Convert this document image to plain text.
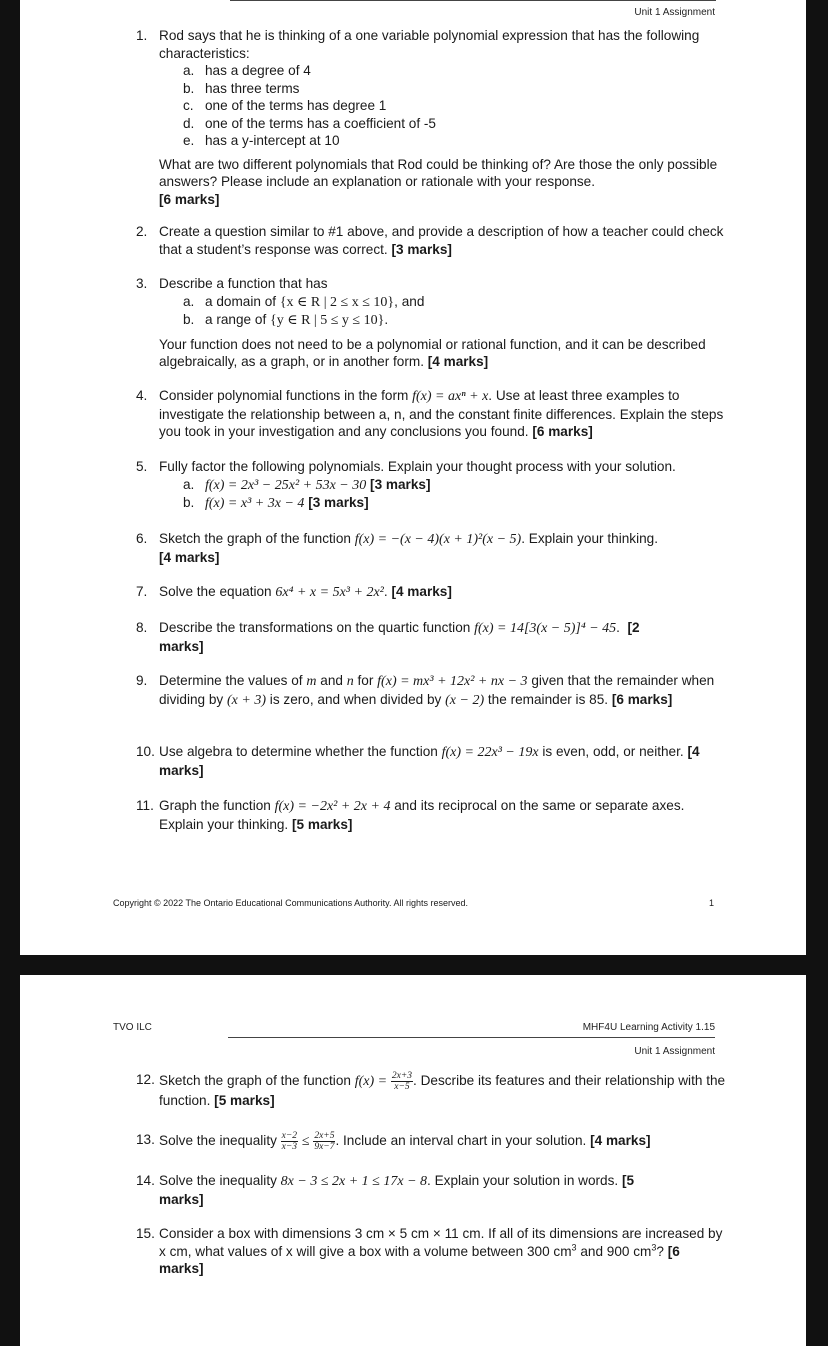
Unit 1 Assignment
1. Rod says that he is thinking of a one variable polynomial expression that has the following characteristics:
a. has a degree of 4
b. has three terms
c. one of the terms has degree 1
d. one of the terms has a coefficient of -5
e. has a y-intercept at 10
What are two different polynomials that Rod could be thinking of? Are those the only possible answers? Please include an explanation or rationale with your response.
[6 marks]
2. Create a question similar to #1 above, and provide a description of how a teacher could check that a student’s response was correct. [3 marks]
3. Describe a function that has
a. a domain of {x ∈ R | 2 ≤ x ≤ 10}, and
b. a range of {y ∈ R | 5 ≤ y ≤ 10}.
Your function does not need to be a polynomial or rational function, and it can be described algebraically, as a graph, or in another form. [4 marks]
4. Consider polynomial functions in the form f(x) = axⁿ + x. Use at least three examples to investigate the relationship between a, n, and the constant finite differences. Explain the steps you took in your investigation and any conclusions you found. [6 marks]
5. Fully factor the following polynomials. Explain your thought process with your solution.
a. f(x) = 2x³ − 25x² + 53x − 30 [3 marks]
b. f(x) = x³ + 3x − 4 [3 marks]
6. Sketch the graph of the function f(x) = −(x − 4)(x + 1)²(x − 5). Explain your thinking.
[4 marks]
7. Solve the equation 6x⁴ + x = 5x³ + 2x². [4 marks]
8. Describe the transformations on the quartic function f(x) = 14[3(x − 5)]⁴ − 45. [2
marks]
9. Determine the values of m and n for f(x) = mx³ + 12x² + nx − 3 given that the remainder when dividing by (x + 3) is zero, and when divided by (x − 2) the remainder is 85. [6 marks]
10. Use algebra to determine whether the function f(x) = 22x³ − 19x is even, odd, or neither. [4 marks]
11. Graph the function f(x) = −2x² + 2x + 4 and its reciprocal on the same or separate axes. Explain your thinking. [5 marks]
Copyright © 2022 The Ontario Educational Communications Authority. All rights reserved.	1
TVO ILC	MHF4U Learning Activity 1.15
Unit 1 Assignment
12. Sketch the graph of the function $f(x) = \frac{2x+3}{x-5}$ . Describe its features and their relationship with the function. [5 marks]
13. Solve the inequality $\frac{x-2}{x-3} \le \frac{2x+5}{9x-7}$ . Include an interval chart in your solution. [4 marks]
14. Solve the inequality 8x − 3 ≤ 2x + 1 ≤ 17x − 8. Explain your solution in words. [5
marks]
15. Consider a box with dimensions 3 cm × 5 cm × 11 cm. If all of its dimensions are increased by x cm, what values of x will give a box with a volume between 300 $cm^3$ and 900 $cm^3$? [6 marks]
